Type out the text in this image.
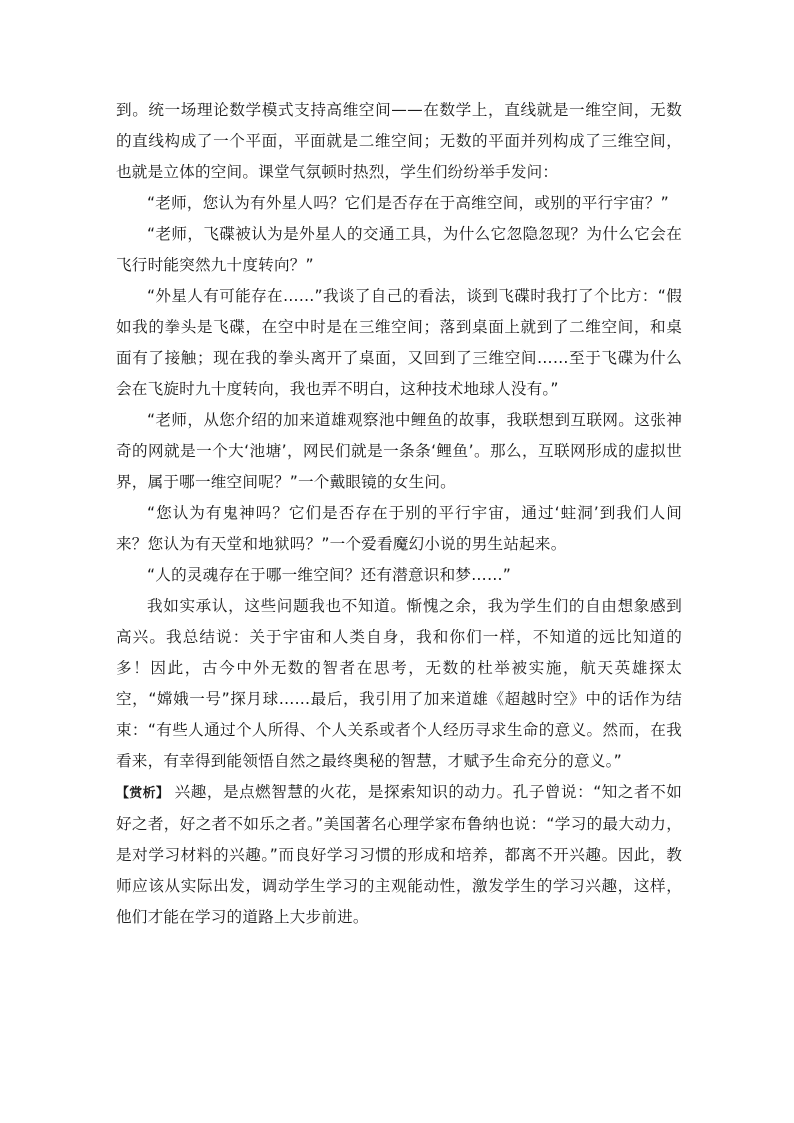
到。统一场理论数学模式支持高维空间——在数学上，直线就是一维空间，无数的直线构成了一个平面，平面就是二维空间；无数的平面并列构成了三维空间，也就是立体的空间。课堂气氛顿时热烈，学生们纷纷举手发问：

“老师，您认为有外星人吗？它们是否存在于高维空间，或别的平行宇宙？”

“老师，飞碟被认为是外星人的交通工具，为什么它忽隐忽现？为什么它会在飞行时能突然九十度转向？”

“外星人有可能存在……”我谈了自己的看法，谈到飞碟时我打了个比方：“假如我的拳头是飞碟，在空中时是在三维空间；落到桌面上就到了二维空间，和桌面有了接触；现在我的拳头离开了桌面，又回到了三维空间……至于飞碟为什么会在飞旋时九十度转向，我也弄不明白，这种技术地球人没有。”

“老师，从您介绍的加来道雄观察池中鲤鱼的故事，我联想到互联网。这张神奇的网就是一个大‘池塘’，网民们就是一条条‘鲤鱼’。那么，互联网形成的虚拟世界，属于哪一维空间呢？”一个戴眼镜的女生问。

“您认为有鬼神吗？它们是否存在于别的平行宇宙，通过‘蛀洞’到我们人间来？您认为有天堂和地狱吗？”一个爱看魔幻小说的男生站起来。

“人的灵魂存在于哪一维空间？还有潜意识和梦……”

我如实承认，这些问题我也不知道。惭愧之余，我为学生们的自由想象感到高兴。我总结说：关于宇宙和人类自身，我和你们一样，不知道的远比知道的多！因此，古今中外无数的智者在思考，无数的杜举被实施，航天英雄探太空，“嫦娥一号”探月球……最后，我引用了加来道雄《超越时空》中的话作为结束：“有些人通过个人所得、个人关系或者个人经历寻求生命的意义。然而，在我看来，有幸得到能领悟自然之最终奥秘的智慧，才赋予生命充分的意义。”

【赏析】 兴趣，是点燃智慧的火花，是探索知识的动力。孔子曾说：“知之者不如好之者，好之者不如乐之者。”美国著名心理学家布鲁纳也说：“学习的最大动力，是对学习材料的兴趣。”而良好学习习惯的形成和培养，都离不开兴趣。因此，教师应该从实际出发，调动学生学习的主观能动性，激发学生的学习兴趣，这样，他们才能在学习的道路上大步前进。
